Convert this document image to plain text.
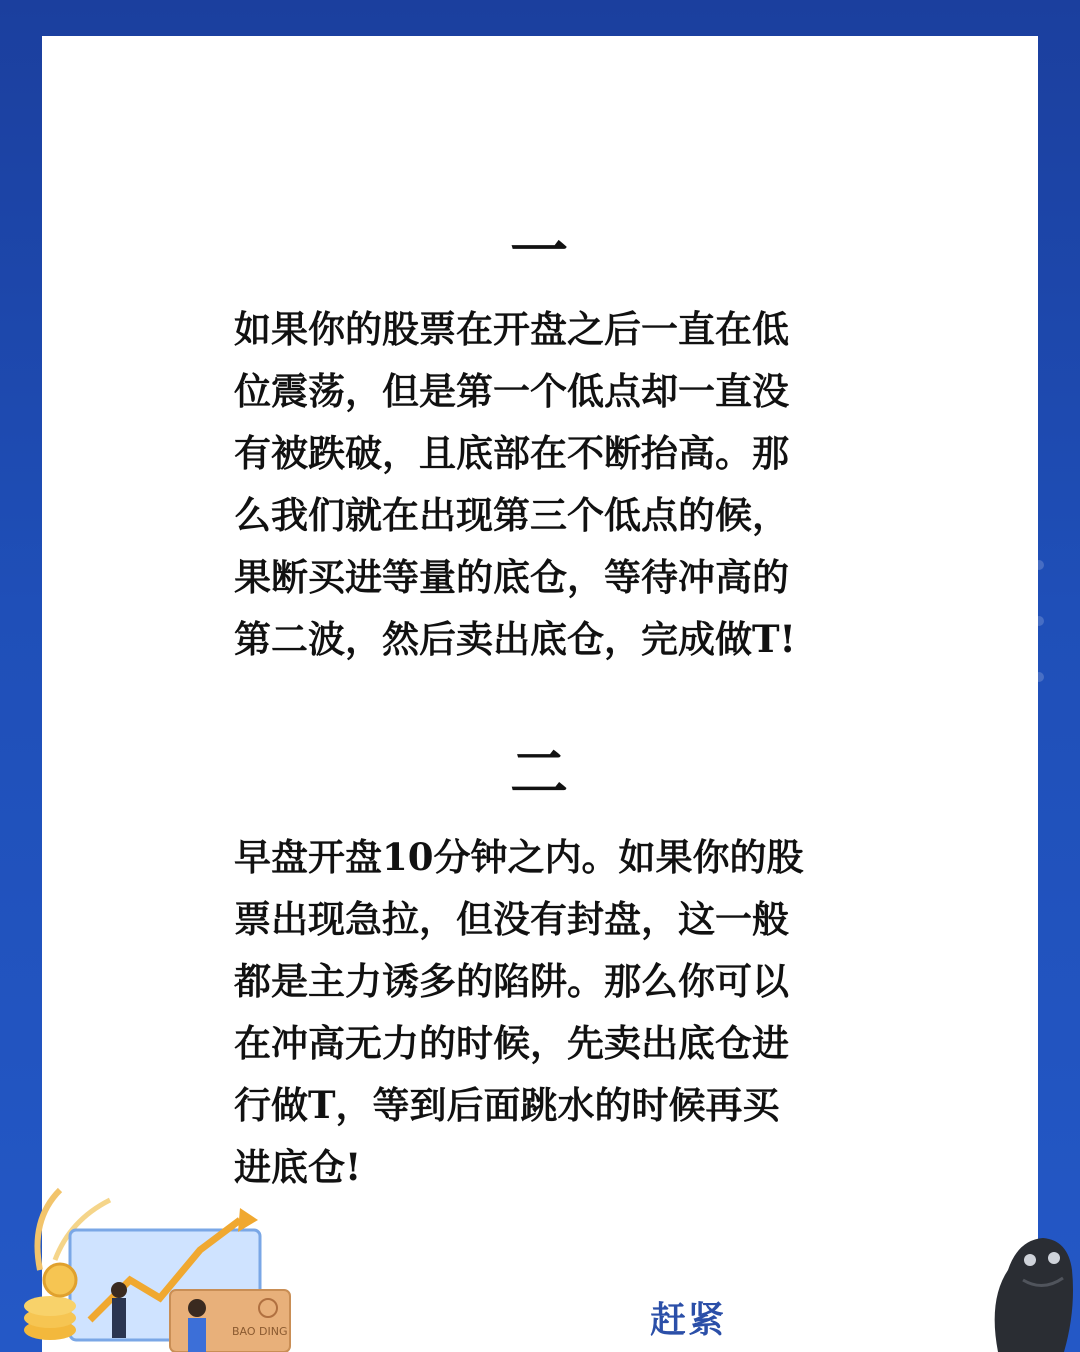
一
如果你的股票在开盘之后一直在低
位震荡，但是第一个低点却一直没
有被跌破，且底部在不断抬高。那
么我们就在出现第三个低点的候，
果断买进等量的底仓，等待冲高的
第二波，然后卖出底仓，完成做T!
二
早盘开盘10分钟之内。如果你的股
票出现急拉，但没有封盘，这一般
都是主力诱多的陷阱。那么你可以
在冲高无力的时候，先卖出底仓进
行做T，等到后面跳水的时候再买
进底仓!
BAO DING	赶紧
